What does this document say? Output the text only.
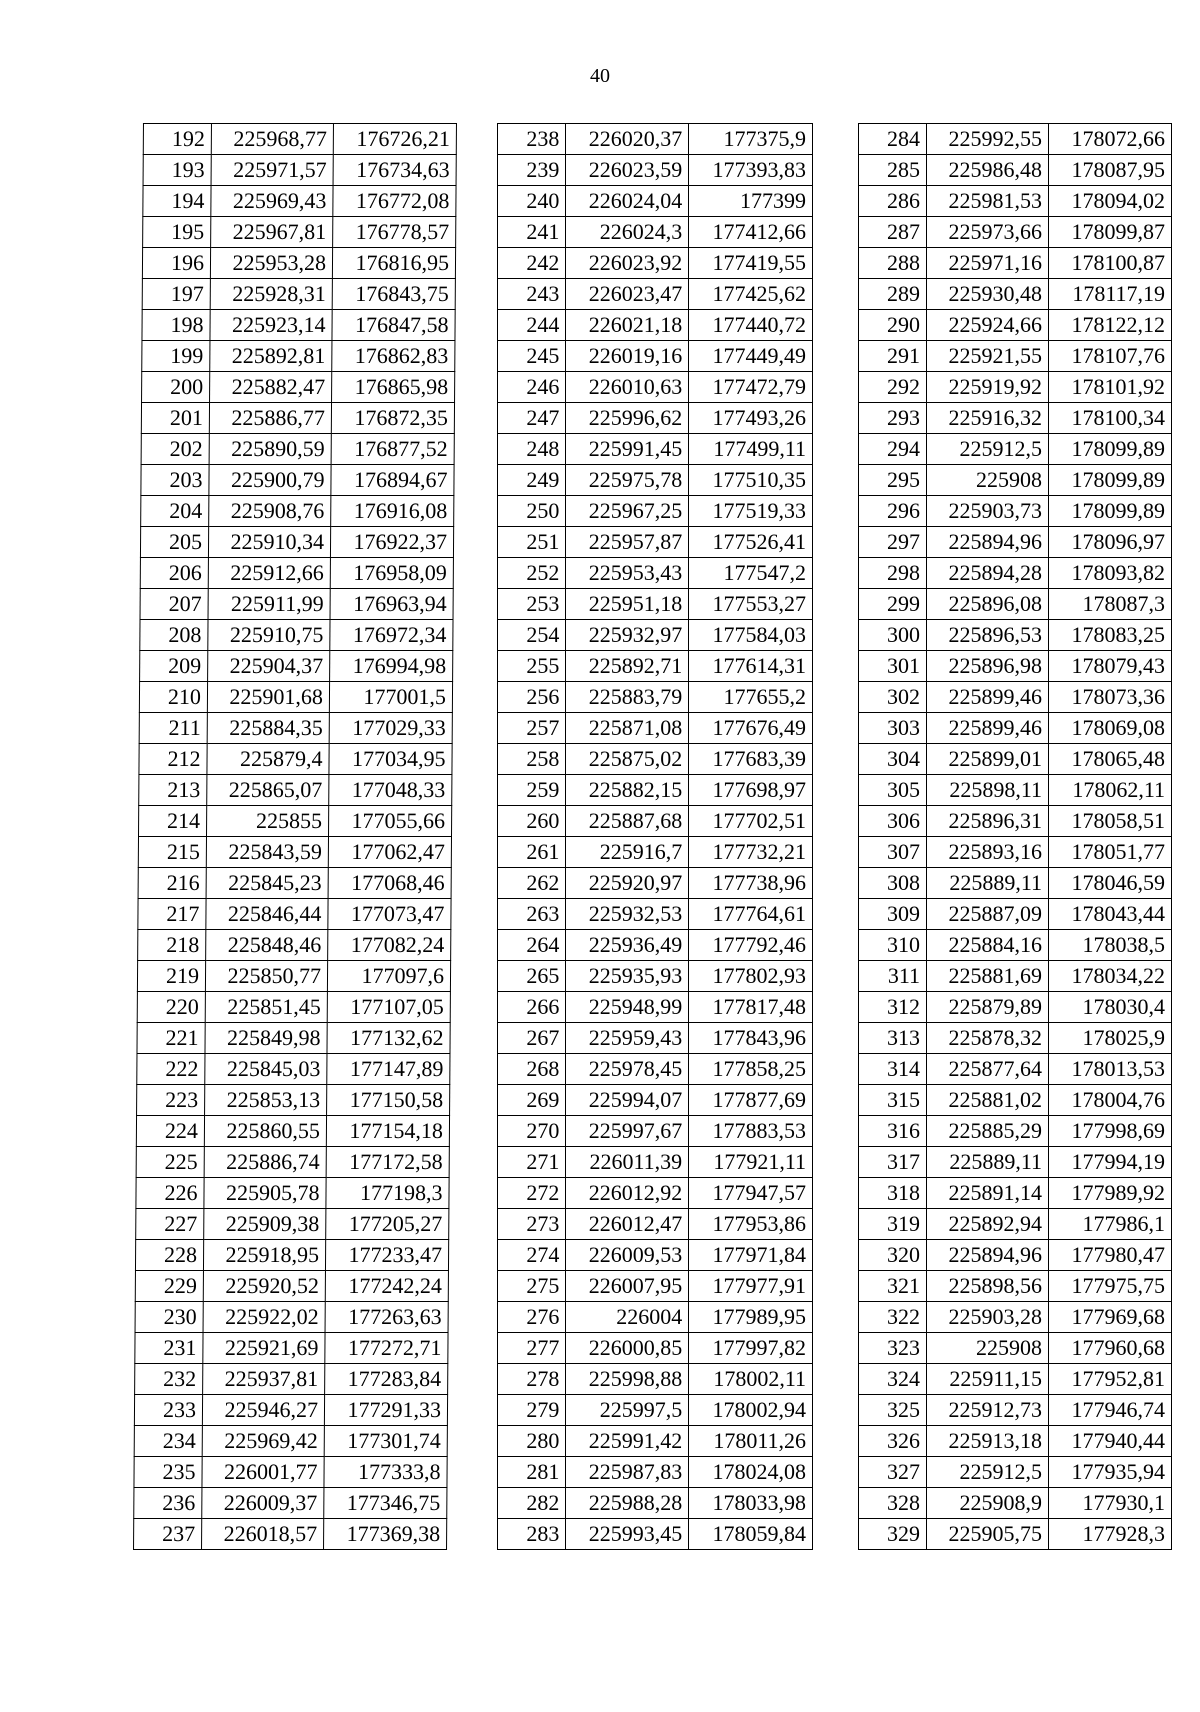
40
192	225968,77	176726,21
193	225971,57	176734,63
194	225969,43	176772,08
195	225967,81	176778,57
196	225953,28	176816,95
197	225928,31	176843,75
198	225923,14	176847,58
199	225892,81	176862,83
200	225882,47	176865,98
201	225886,77	176872,35
202	225890,59	176877,52
203	225900,79	176894,67
204	225908,76	176916,08
205	225910,34	176922,37
206	225912,66	176958,09
207	225911,99	176963,94
208	225910,75	176972,34
209	225904,37	176994,98
210	225901,68	177001,5
211	225884,35	177029,33
212	225879,4	177034,95
213	225865,07	177048,33
214	225855	177055,66
215	225843,59	177062,47
216	225845,23	177068,46
217	225846,44	177073,47
218	225848,46	177082,24
219	225850,77	177097,6
220	225851,45	177107,05
221	225849,98	177132,62
222	225845,03	177147,89
223	225853,13	177150,58
224	225860,55	177154,18
225	225886,74	177172,58
226	225905,78	177198,3
227	225909,38	177205,27
228	225918,95	177233,47
229	225920,52	177242,24
230	225922,02	177263,63
231	225921,69	177272,71
232	225937,81	177283,84
233	225946,27	177291,33
234	225969,42	177301,74
235	226001,77	177333,8
236	226009,37	177346,75
237	226018,57	177369,38
238	226020,37	177375,9
239	226023,59	177393,83
240	226024,04	177399
241	226024,3	177412,66
242	226023,92	177419,55
243	226023,47	177425,62
244	226021,18	177440,72
245	226019,16	177449,49
246	226010,63	177472,79
247	225996,62	177493,26
248	225991,45	177499,11
249	225975,78	177510,35
250	225967,25	177519,33
251	225957,87	177526,41
252	225953,43	177547,2
253	225951,18	177553,27
254	225932,97	177584,03
255	225892,71	177614,31
256	225883,79	177655,2
257	225871,08	177676,49
258	225875,02	177683,39
259	225882,15	177698,97
260	225887,68	177702,51
261	225916,7	177732,21
262	225920,97	177738,96
263	225932,53	177764,61
264	225936,49	177792,46
265	225935,93	177802,93
266	225948,99	177817,48
267	225959,43	177843,96
268	225978,45	177858,25
269	225994,07	177877,69
270	225997,67	177883,53
271	226011,39	177921,11
272	226012,92	177947,57
273	226012,47	177953,86
274	226009,53	177971,84
275	226007,95	177977,91
276	226004	177989,95
277	226000,85	177997,82
278	225998,88	178002,11
279	225997,5	178002,94
280	225991,42	178011,26
281	225987,83	178024,08
282	225988,28	178033,98
283	225993,45	178059,84
284	225992,55	178072,66
285	225986,48	178087,95
286	225981,53	178094,02
287	225973,66	178099,87
288	225971,16	178100,87
289	225930,48	178117,19
290	225924,66	178122,12
291	225921,55	178107,76
292	225919,92	178101,92
293	225916,32	178100,34
294	225912,5	178099,89
295	225908	178099,89
296	225903,73	178099,89
297	225894,96	178096,97
298	225894,28	178093,82
299	225896,08	178087,3
300	225896,53	178083,25
301	225896,98	178079,43
302	225899,46	178073,36
303	225899,46	178069,08
304	225899,01	178065,48
305	225898,11	178062,11
306	225896,31	178058,51
307	225893,16	178051,77
308	225889,11	178046,59
309	225887,09	178043,44
310	225884,16	178038,5
311	225881,69	178034,22
312	225879,89	178030,4
313	225878,32	178025,9
314	225877,64	178013,53
315	225881,02	178004,76
316	225885,29	177998,69
317	225889,11	177994,19
318	225891,14	177989,92
319	225892,94	177986,1
320	225894,96	177980,47
321	225898,56	177975,75
322	225903,28	177969,68
323	225908	177960,68
324	225911,15	177952,81
325	225912,73	177946,74
326	225913,18	177940,44
327	225912,5	177935,94
328	225908,9	177930,1
329	225905,75	177928,3
